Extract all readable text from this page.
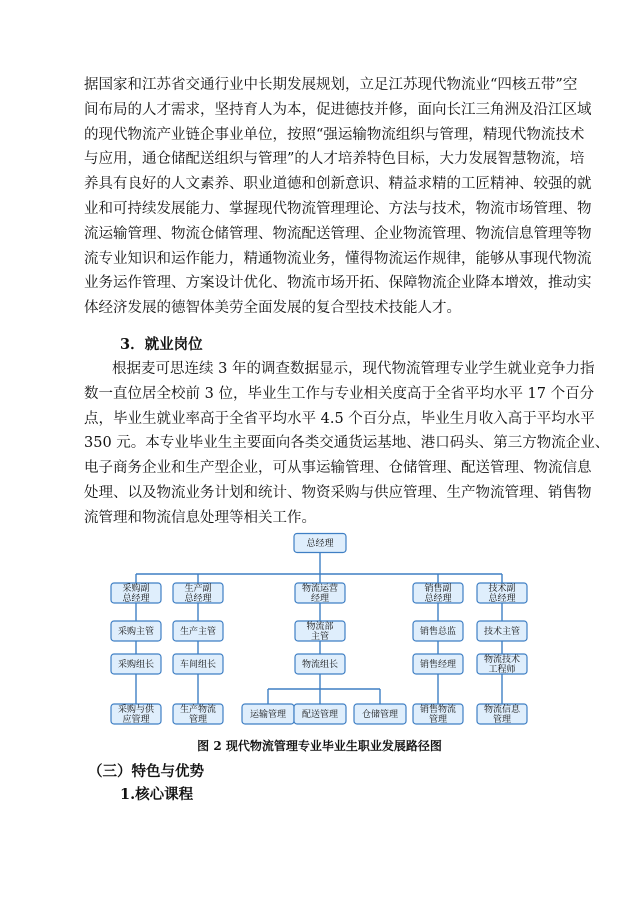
据国家和江苏省交通行业中长期发展规划，立足江苏现代物流业“四核五带”空
间布局的人才需求，坚持育人为本，促进德技并修，面向长江三角洲及沿江区域
的现代物流产业链企事业单位，按照“强运输物流组织与管理，精现代物流技术
与应用，通仓储配送组织与管理”的人才培养特色目标，大力发展智慧物流，培
养具有良好的人文素养、职业道德和创新意识、精益求精的工匠精神、较强的就
业和可持续发展能力、掌握现代物流管理理论、方法与技术，物流市场管理、物
流运输管理、物流仓储管理、物流配送管理、企业物流管理、物流信息管理等物
流专业知识和运作能力，精通物流业务，懂得物流运作规律，能够从事现代物流
业务运作管理、方案设计优化、物流市场开拓、保障物流企业降本增效，推动实
体经济发展的德智体美劳全面发展的复合型技术技能人才。

3．就业岗位

根据麦可思连续 3 年的调查数据显示，现代物流管理专业学生就业竞争力指
数一直位居全校前 3 位，毕业生工作与专业相关度高于全省平均水平 17 个百分
点，毕业生就业率高于全省平均水平 4.5 个百分点，毕业生月收入高于平均水平
350 元。本专业毕业生主要面向各类交通货运基地、港口码头、第三方物流企业、
电子商务企业和生产型企业，可从事运输管理、仓储管理、配送管理、物流信息
处理、以及物流业务计划和统计、物资采购与供应管理、生产物流管理、销售物
流管理和物流信息处理等相关工作。
总经理
采购副
总经理
采购主管
采购组长
采购与供
应管理
生产副
总经理
生产主管
车间组长
生产物流
管理
物流运营
经理
物流部
主管
物流组长
销售副
总经理
销售总监
销售经理
销售物流
管理
技术副
总经理
技术主管
物流技术
工程师
物流信息
管理
运输管理 配送管理	仓储管理

图 2 现代物流管理专业毕业生职业发展路径图

（三）特色与优势

1.核心课程
